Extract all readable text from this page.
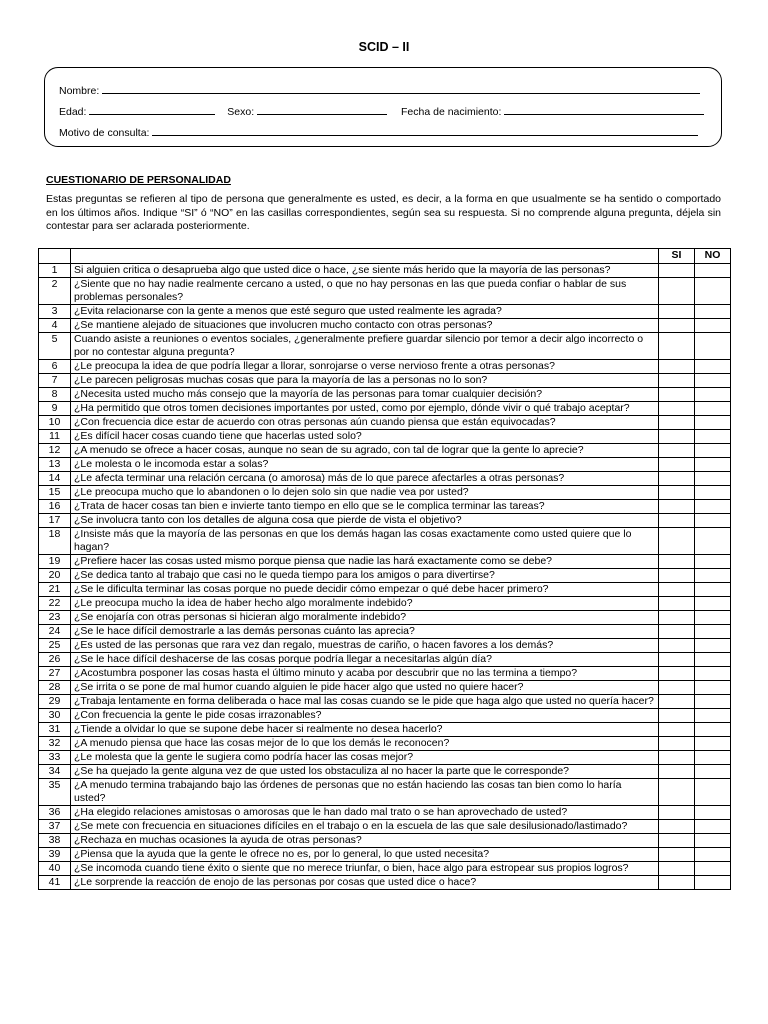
SCID – II
Nombre:
Edad:	Sexo:	Fecha de nacimiento:
Motivo de consulta:
CUESTIONARIO DE PERSONALIDAD
Estas preguntas se refieren al tipo de persona que generalmente es usted, es decir, a la forma en que usualmente se ha sentido o comportado en los últimos años. Indique “SI” ó “NO” en las casillas correspondientes, según sea su respuesta. Si no comprende alguna pregunta, déjela sin contestar para ser aclarada posteriormente.
		SI	NO
1	Si alguien critica o desaprueba algo que usted dice o hace, ¿se siente más herido que la mayoría de las personas?		
2	¿Siente que no hay nadie realmente cercano a usted, o que no hay personas en las que pueda confiar o hablar de sus problemas personales?		
3	¿Evita relacionarse con la gente a menos que esté seguro que usted realmente les agrada?		
4	¿Se mantiene alejado de situaciones que involucren mucho contacto con otras personas?		
5	Cuando asiste a reuniones o eventos sociales, ¿generalmente prefiere guardar silencio por temor a decir algo incorrecto o por no contestar alguna pregunta?		
6	¿Le preocupa la idea de que podría llegar a llorar, sonrojarse o verse nervioso frente a otras personas?		
7	¿Le parecen peligrosas muchas cosas que para la mayoría de las a personas no lo son?		
8	¿Necesita usted mucho más consejo que la mayoría de las personas para tomar cualquier decisión?		
9	¿Ha permitido que otros tomen decisiones importantes por usted, como por ejemplo, dónde vivir o qué trabajo aceptar?		
10	¿Con frecuencia dice estar de acuerdo con otras personas aún cuando piensa que están equivocadas?		
11	¿Es difícil hacer cosas cuando tiene que hacerlas usted solo?		
12	¿A menudo se ofrece a hacer cosas, aunque no sean de su agrado, con tal de lograr que la gente lo aprecie?		
13	¿Le molesta o le incomoda estar a solas?		
14	¿Le afecta terminar una relación cercana (o amorosa) más de lo que parece afectarles a otras personas?		
15	¿Le preocupa mucho que lo abandonen o lo dejen solo sin que nadie vea por usted?		
16	¿Trata de hacer cosas tan bien e invierte tanto tiempo en ello que se le complica terminar las tareas?		
17	¿Se involucra tanto con los detalles de alguna cosa que pierde de vista el objetivo?		
18	¿Insiste más que la mayoría de las personas en que los demás hagan las cosas exactamente como usted quiere que lo hagan?		
19	¿Prefiere hacer las cosas usted mismo porque piensa que nadie las hará exactamente como se debe?		
20	¿Se dedica tanto al trabajo que casi no le queda tiempo para los amigos o para divertirse?		
21	¿Se le dificulta terminar las cosas porque no puede decidir cómo empezar o qué debe hacer primero?		
22	¿Le preocupa mucho la idea de haber hecho algo moralmente indebido?		
23	¿Se enojaría con otras personas si hicieran algo moralmente indebido?		
24	¿Se le hace difícil demostrarle a las demás personas cuánto las aprecia?		
25	¿Es usted de las personas que rara vez dan regalo, muestras de cariño, o hacen favores a los demás?		
26	¿Se le hace difícil deshacerse de las cosas porque podría llegar a necesitarlas algún día?		
27	¿Acostumbra posponer las cosas hasta el último minuto y acaba por descubrir que no las termina a tiempo?		
28	¿Se irrita o se pone de mal humor cuando alguien le pide hacer algo que usted no quiere hacer?		
29	¿Trabaja lentamente en forma deliberada o hace mal las cosas cuando se le pide que haga algo que usted no quería hacer?		
30	¿Con frecuencia la gente le pide cosas irrazonables?		
31	¿Tiende a olvidar lo que se supone debe hacer si realmente no desea hacerlo?		
32	¿A menudo piensa que hace las cosas mejor de lo que los demás le reconocen?		
33	¿Le molesta que la gente le sugiera como podría hacer las cosas mejor?		
34	¿Se ha quejado la gente alguna vez de que usted los obstaculiza al no hacer la parte que le corresponde?		
35	¿A menudo termina trabajando bajo las órdenes de personas que no están haciendo las cosas tan bien como lo haría usted?		
36	¿Ha elegido relaciones amistosas o amorosas que le han dado mal trato o se han aprovechado de usted?		
37	¿Se mete con frecuencia en situaciones difíciles en el trabajo o en la escuela de las que sale desilusionado/lastimado?		
38	¿Rechaza en muchas ocasiones la ayuda de otras personas?		
39	¿Piensa que la ayuda que la gente le ofrece no es, por lo general, lo que usted necesita?		
40	¿Se incomoda cuando tiene éxito o siente que no merece triunfar, o bien, hace algo para estropear sus propios logros?		
41	¿Le sorprende la reacción de enojo de las personas por cosas que usted dice o hace?		
